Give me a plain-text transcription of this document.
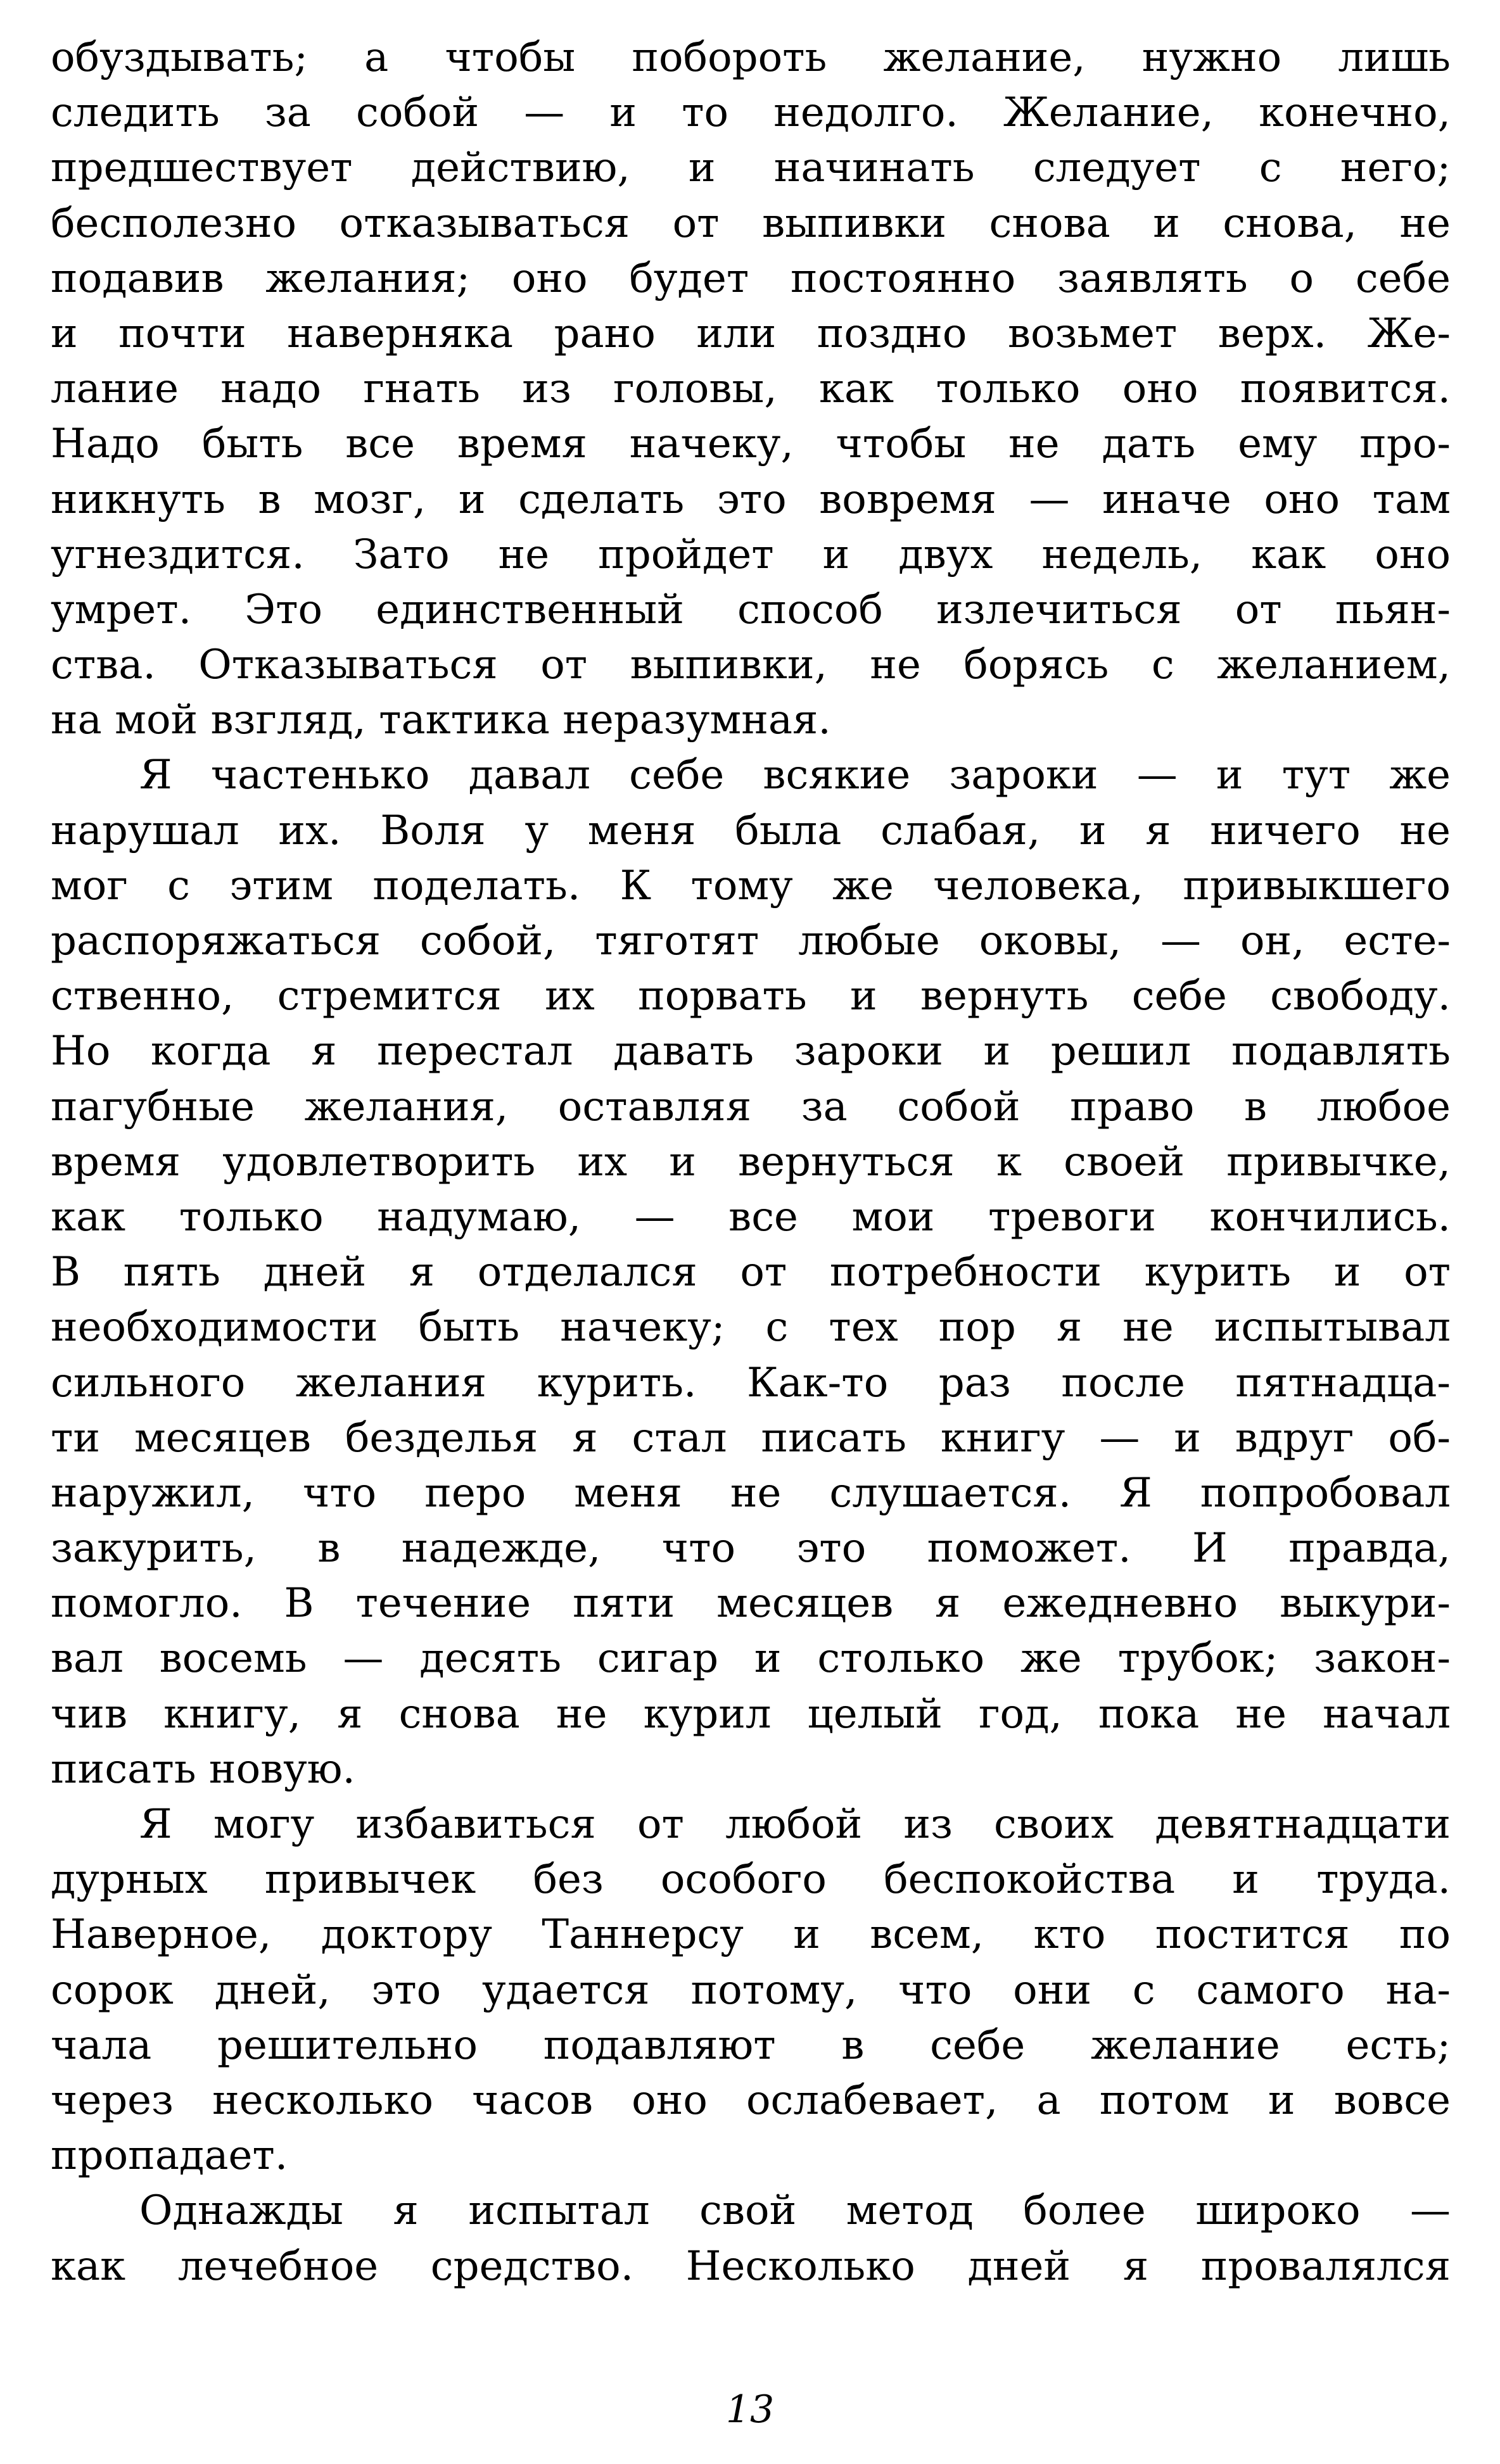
обуздывать; а чтобы побороть желание, нужно лишь
следить за собой — и то недолго. Желание, конечно,
предшествует действию, и начинать следует с него;
бесполезно отказываться от выпивки снова и снова, не
подавив желания; оно будет постоянно заявлять о себе
и почти наверняка рано или поздно возьмет верх. Же-
лание надо гнать из головы, как только оно появится.
Надо быть все время начеку, чтобы не дать ему про-
никнуть в мозг, и сделать это вовремя — иначе оно там
угнездится. Зато не пройдет и двух недель, как оно
умрет. Это единственный способ излечиться от пьян-
ства. Отказываться от выпивки, не борясь с желанием,
на мой взгляд, тактика неразумная.
Я частенько давал себе всякие зароки — и тут же
нарушал их. Воля у меня была слабая, и я ничего не
мог с этим поделать. К тому же человека, привыкшего
распоряжаться собой, тяготят любые оковы, — он, есте-
ственно, стремится их порвать и вернуть себе свободу.
Но когда я перестал давать зароки и решил подавлять
пагубные желания, оставляя за собой право в любое
время удовлетворить их и вернуться к своей привычке,
как только надумаю, — все мои тревоги кончились.
В пять дней я отделался от потребности курить и от
необходимости быть начеку; с тех пор я не испытывал
сильного желания курить. Как-то раз после пятнадца-
ти месяцев безделья я стал писать книгу — и вдруг об-
наружил, что перо меня не слушается. Я попробовал
закурить, в надежде, что это поможет. И правда,
помогло. В течение пяти месяцев я ежедневно выкури-
вал восемь — десять сигар и столько же трубок; закон-
чив книгу, я снова не курил целый год, пока не начал
писать новую.
Я могу избавиться от любой из своих девятнадцати
дурных привычек без особого беспокойства и труда.
Наверное, доктору Таннерсу и всем, кто постится по
сорок дней, это удается потому, что они с самого на-
чала решительно подавляют в себе желание есть;
через несколько часов оно ослабевает, а потом и вовсе
пропадает.
Однажды я испытал свой метод более широко —
как лечебное средство. Несколько дней я провалялся
13
